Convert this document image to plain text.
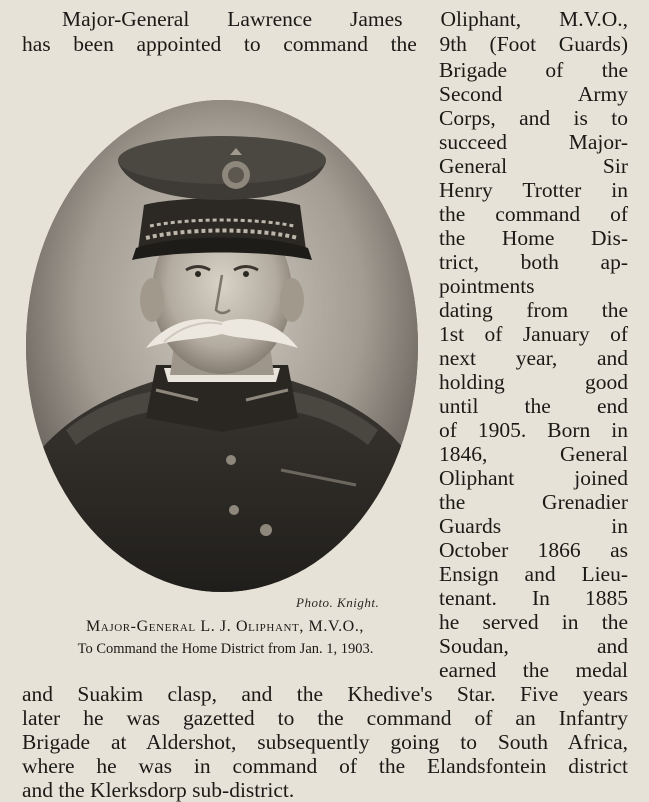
Major-General Lawrence James Oliphant, M.V.O.,
has been appointed to command the 9th (Foot Guards)
Brigade of the
Second Army
Corps, and is to
succeed Major-
General Sir
Henry Trotter in
the command of
the Home Dis-
trict, both ap-
pointments
dating from the
1st of January of
next year, and
holding good
until the end
of 1905. Born in
1846, General
Oliphant joined
the Grenadier
Guards in
October 1866 as
Ensign and Lieu-
tenant. In 1885
he served in the
Soudan, and
earned the medal
and Suakim clasp, and the Khedive's Star. Five years
later he was gazetted to the command of an Infantry
Brigade at Aldershot, subsequently going to South Africa,
where he was in command of the Elandsfontein district
and the Klerksdorp sub-district.
Photo. Knight.
Major-General L. J. Oliphant, M.V.O.,
To Command the Home District from Jan. 1, 1903.
